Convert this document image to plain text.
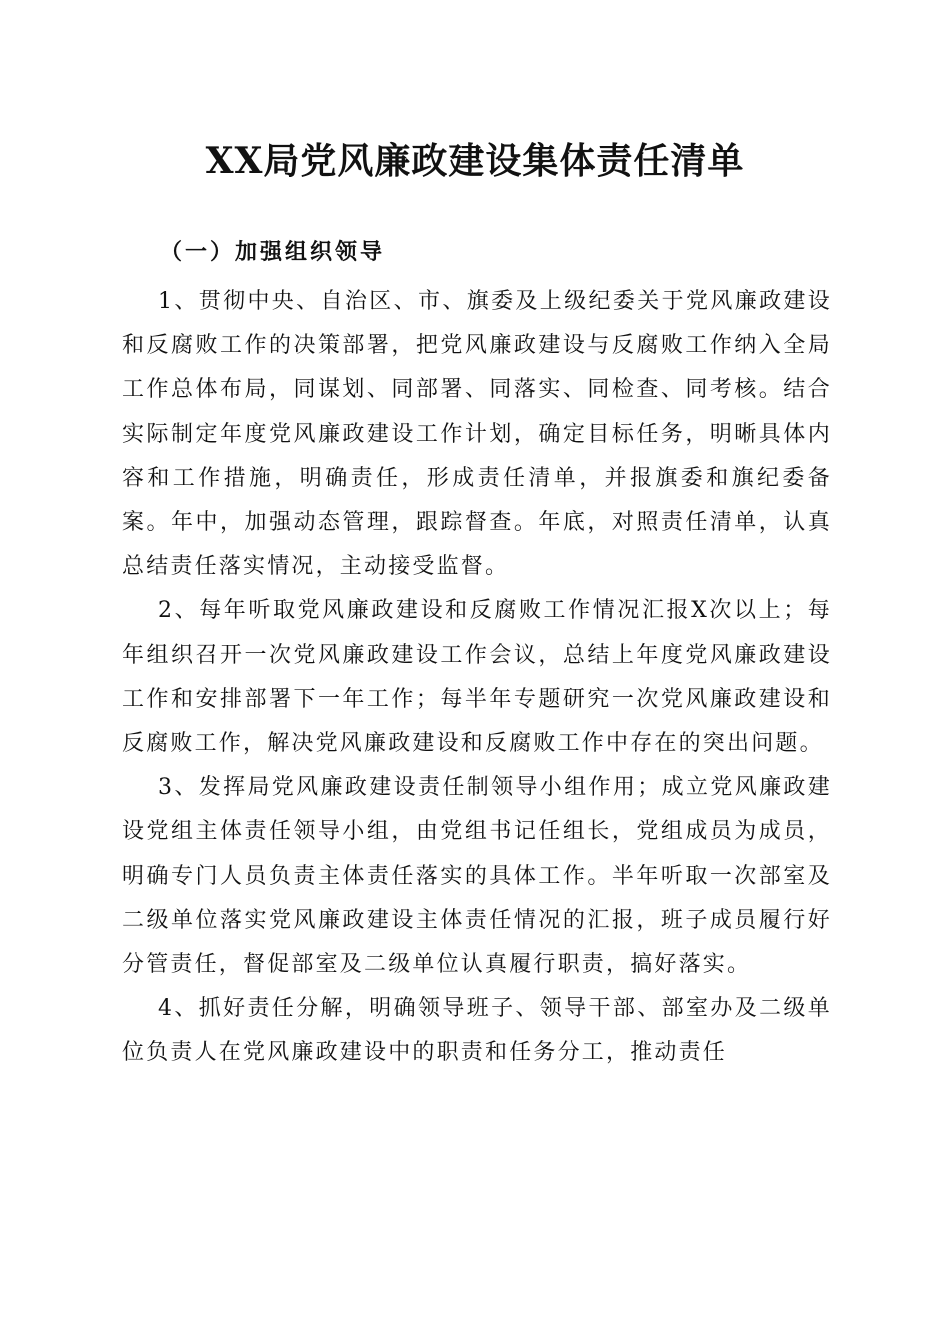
XX局党风廉政建设集体责任清单
（一）加强组织领导

1、贯彻中央、自治区、市、旗委及上级纪委关于党风廉政建设和反腐败工作的决策部署，把党风廉政建设与反腐败工作纳入全局工作总体布局，同谋划、同部署、同落实、同检查、同考核。结合实际制定年度党风廉政建设工作计划，确定目标任务，明晰具体内容和工作措施，明确责任，形成责任清单，并报旗委和旗纪委备案。年中，加强动态管理，跟踪督查。年底，对照责任清单，认真总结责任落实情况，主动接受监督。

2、每年听取党风廉政建设和反腐败工作情况汇报X次以上；每年组织召开一次党风廉政建设工作会议，总结上年度党风廉政建设工作和安排部署下一年工作；每半年专题研究一次党风廉政建设和反腐败工作，解决党风廉政建设和反腐败工作中存在的突出问题。

3、发挥局党风廉政建设责任制领导小组作用；成立党风廉政建设党组主体责任领导小组，由党组书记任组长，党组成员为成员，明确专门人员负责主体责任落实的具体工作。半年听取一次部室及二级单位落实党风廉政建设主体责任情况的汇报，班子成员履行好分管责任，督促部室及二级单位认真履行职责，搞好落实。

4、抓好责任分解，明确领导班子、领导干部、部室办及二级单位负责人在党风廉政建设中的职责和任务分工，推动责任
